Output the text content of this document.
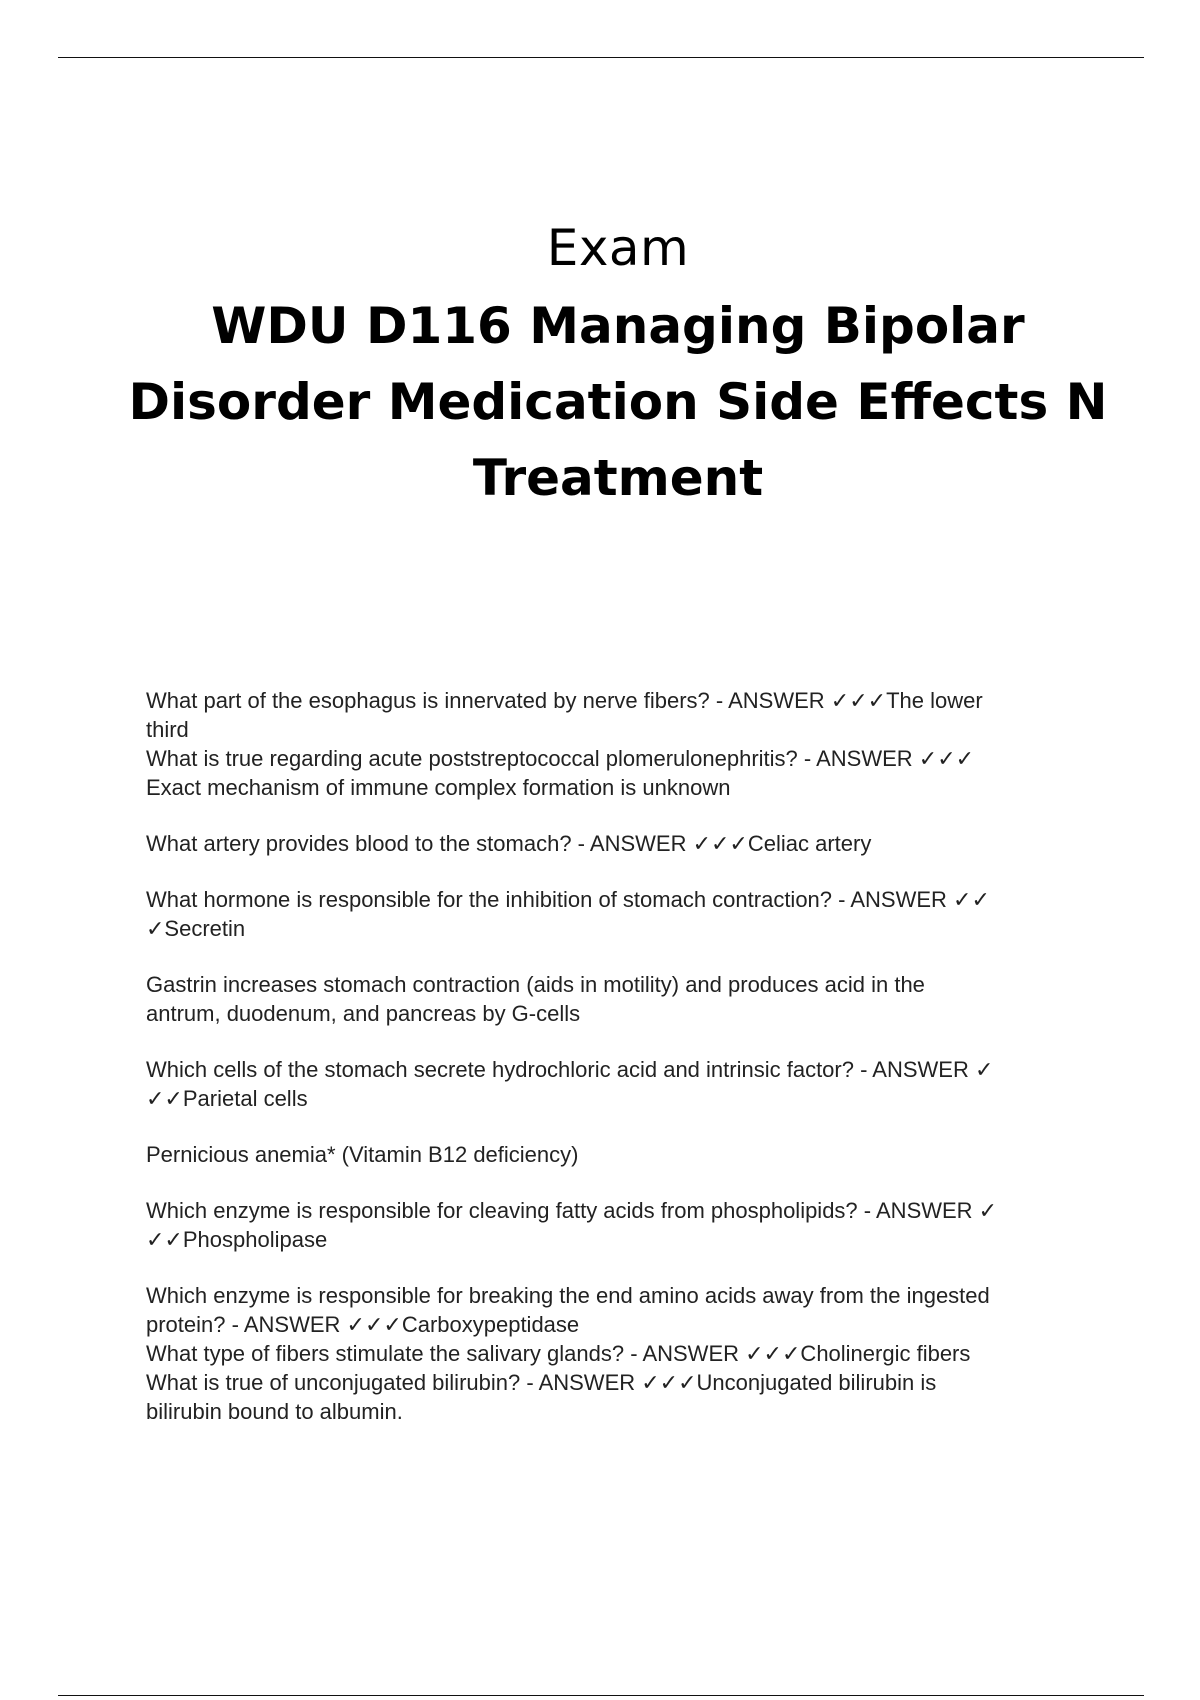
Exam
WDU D116 Managing Bipolar
Disorder Medication Side Effects N
Treatment
What part of the esophagus is innervated by nerve fibers? - ANSWER ✓✓✓The lower
third
What is true regarding acute poststreptococcal plomerulonephritis? - ANSWER ✓✓✓
Exact mechanism of immune complex formation is unknown
What artery provides blood to the stomach? - ANSWER ✓✓✓Celiac artery
What hormone is responsible for the inhibition of stomach contraction? - ANSWER ✓✓
✓Secretin
Gastrin increases stomach contraction (aids in motility) and produces acid in the
antrum, duodenum, and pancreas by G-cells
Which cells of the stomach secrete hydrochloric acid and intrinsic factor? - ANSWER ✓
✓✓Parietal cells
Pernicious anemia* (Vitamin B12 deficiency)
Which enzyme is responsible for cleaving fatty acids from phospholipids? - ANSWER ✓
✓✓Phospholipase
Which enzyme is responsible for breaking the end amino acids away from the ingested
protein? - ANSWER ✓✓✓Carboxypeptidase
What type of fibers stimulate the salivary glands? - ANSWER ✓✓✓Cholinergic fibers
What is true of unconjugated bilirubin? - ANSWER ✓✓✓Unconjugated bilirubin is
bilirubin bound to albumin.
